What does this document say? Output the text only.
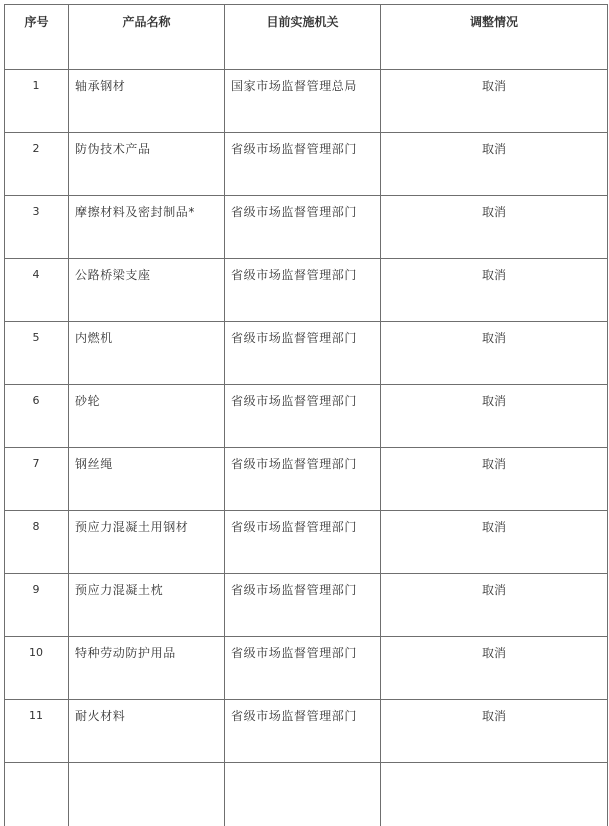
序号	产品名称	目前实施机关	调整情况
1	轴承钢材	国家市场监督管理总局	取消
2	防伪技术产品	省级市场监督管理部门	取消
3	摩擦材料及密封制品*	省级市场监督管理部门	取消
4	公路桥梁支座	省级市场监督管理部门	取消
5	内燃机	省级市场监督管理部门	取消
6	砂轮	省级市场监督管理部门	取消
7	钢丝绳	省级市场监督管理部门	取消
8	预应力混凝土用钢材	省级市场监督管理部门	取消
9	预应力混凝土枕	省级市场监督管理部门	取消
10	特种劳动防护用品	省级市场监督管理部门	取消
11	耐火材料	省级市场监督管理部门	取消
